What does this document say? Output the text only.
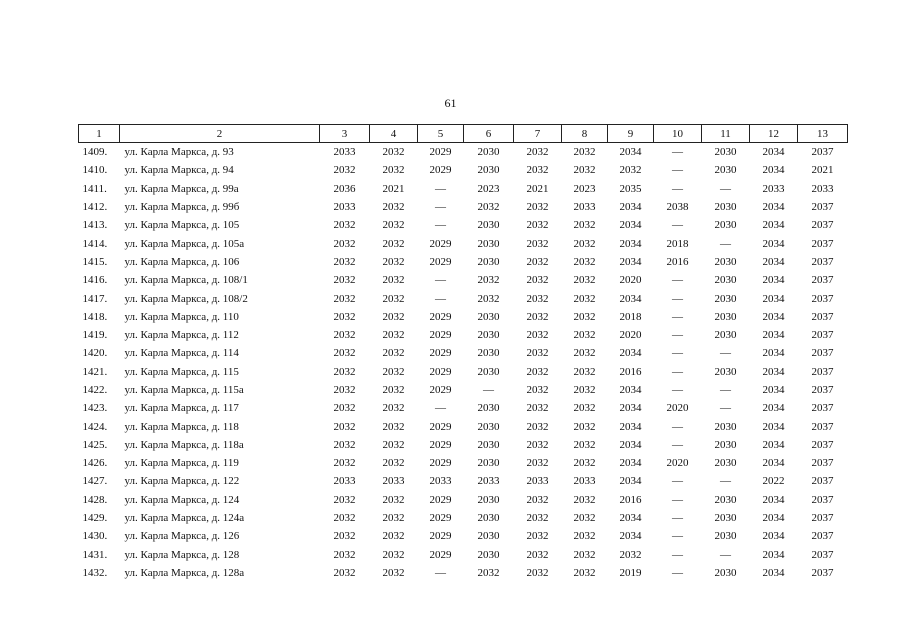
61
1	2	3	4	5	6	7	8	9	10	11	12	13
1409.	ул. Карла Маркса, д. 93	2033	2032	2029	2030	2032	2032	2034	—	2030	2034	2037
1410.	ул. Карла Маркса, д. 94	2032	2032	2029	2030	2032	2032	2032	—	2030	2034	2021
1411.	ул. Карла Маркса, д. 99а	2036	2021	—	2023	2021	2023	2035	—	—	2033	2033
1412.	ул. Карла Маркса, д. 99б	2033	2032	—	2032	2032	2033	2034	2038	2030	2034	2037
1413.	ул. Карла Маркса, д. 105	2032	2032	—	2030	2032	2032	2034	—	2030	2034	2037
1414.	ул. Карла Маркса, д. 105а	2032	2032	2029	2030	2032	2032	2034	2018	—	2034	2037
1415.	ул. Карла Маркса, д. 106	2032	2032	2029	2030	2032	2032	2034	2016	2030	2034	2037
1416.	ул. Карла Маркса, д. 108/1	2032	2032	—	2032	2032	2032	2020	—	2030	2034	2037
1417.	ул. Карла Маркса, д. 108/2	2032	2032	—	2032	2032	2032	2034	—	2030	2034	2037
1418.	ул. Карла Маркса, д. 110	2032	2032	2029	2030	2032	2032	2018	—	2030	2034	2037
1419.	ул. Карла Маркса, д. 112	2032	2032	2029	2030	2032	2032	2020	—	2030	2034	2037
1420.	ул. Карла Маркса, д. 114	2032	2032	2029	2030	2032	2032	2034	—	—	2034	2037
1421.	ул. Карла Маркса, д. 115	2032	2032	2029	2030	2032	2032	2016	—	2030	2034	2037
1422.	ул. Карла Маркса, д. 115а	2032	2032	2029	—	2032	2032	2034	—	—	2034	2037
1423.	ул. Карла Маркса, д. 117	2032	2032	—	2030	2032	2032	2034	2020	—	2034	2037
1424.	ул. Карла Маркса, д. 118	2032	2032	2029	2030	2032	2032	2034	—	2030	2034	2037
1425.	ул. Карла Маркса, д. 118а	2032	2032	2029	2030	2032	2032	2034	—	2030	2034	2037
1426.	ул. Карла Маркса, д. 119	2032	2032	2029	2030	2032	2032	2034	2020	2030	2034	2037
1427.	ул. Карла Маркса, д. 122	2033	2033	2033	2033	2033	2033	2034	—	—	2022	2037
1428.	ул. Карла Маркса, д. 124	2032	2032	2029	2030	2032	2032	2016	—	2030	2034	2037
1429.	ул. Карла Маркса, д. 124а	2032	2032	2029	2030	2032	2032	2034	—	2030	2034	2037
1430.	ул. Карла Маркса, д. 126	2032	2032	2029	2030	2032	2032	2034	—	2030	2034	2037
1431.	ул. Карла Маркса, д. 128	2032	2032	2029	2030	2032	2032	2032	—	—	2034	2037
1432.	ул. Карла Маркса, д. 128а	2032	2032	—	2032	2032	2032	2019	—	2030	2034	2037
